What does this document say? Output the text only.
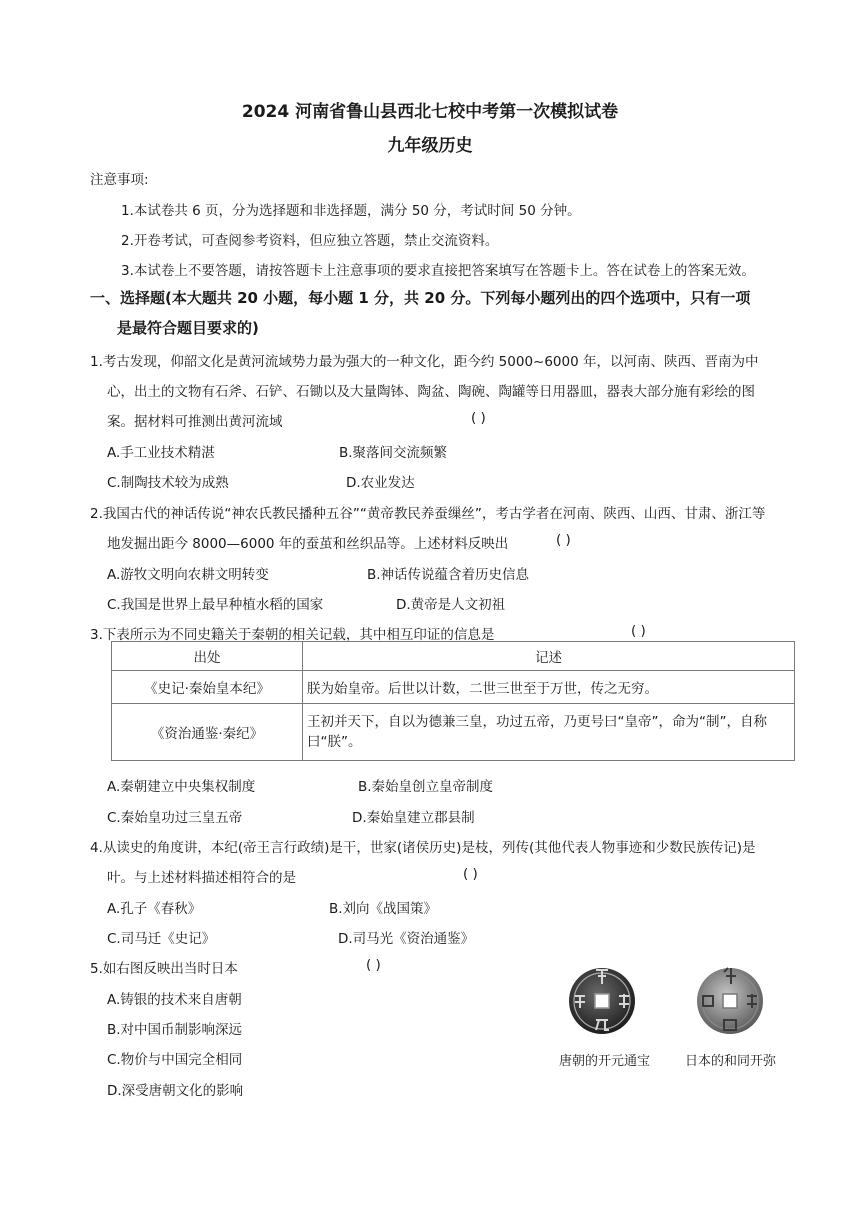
2024 河南省鲁山县西北七校中考第一次模拟试卷
九年级历史
注意事项:
1.本试卷共 6 页，分为选择题和非选择题，满分 50 分，考试时间 50 分钟。
2.开卷考试，可查阅参考资料，但应独立答题，禁止交流资料。
3.本试卷上不要答题，请按答题卡上注意事项的要求直接把答案填写在答题卡上。答在试卷上的答案无效。
一、选择题(本大题共 20 小题，每小题 1 分，共 20 分。下列每小题列出的四个选项中，只有一项
是最符合题目要求的)
1.考古发现，仰韶文化是黄河流域势力最为强大的一种文化，距今约 5000~6000 年，以河南、陕西、晋南为中
心，出土的文物有石斧、石铲、石锄以及大量陶钵、陶盆、陶碗、陶罐等日用器皿，器表大部分施有彩绘的图
案。据材料可推测出黄河流域	( )
A.手工业技术精湛	B.聚落间交流频繁
C.制陶技术较为成熟	D.农业发达
2.我国古代的神话传说“神农氏教民播种五谷”“黄帝教民养蚕缫丝”，考古学者在河南、陕西、山西、甘肃、浙江等
地发掘出距今 8000—6000 年的蚕茧和丝织品等。上述材料反映出	( )
A.游牧文明向农耕文明转变	B.神话传说蕴含着历史信息
C.我国是世界上最早种植水稻的国家	D.黄帝是人文初祖
3.下表所示为不同史籍关于秦朝的相关记载，其中相互印证的信息是	( )
出处	记述
《史记·秦始皇本纪》	朕为始皇帝。后世以计数，二世三世至于万世，传之无穷。
《资治通鉴·秦纪》	王初并天下，自以为德兼三皇，功过五帝，乃更号曰“皇帝”，命为“制”，自称曰“朕”。
A.秦朝建立中央集权制度	B.秦始皇创立皇帝制度
C.秦始皇功过三皇五帝	D.秦始皇建立郡县制
4.从读史的角度讲，本纪(帝王言行政绩)是干，世家(诸侯历史)是枝，列传(其他代表人物事迹和少数民族传记)是
叶。与上述材料描述相符合的是	( )
A.孔子《春秋》	B.刘向《战国策》
C.司马迁《史记》	D.司马光《资治通鉴》
5.如右图反映出当时日本	( )
A.铸银的技术来自唐朝
B.对中国币制影响深远
C.物价与中国完全相同
D.深受唐朝文化的影响
唐朝的开元通宝	日本的和同开弥
